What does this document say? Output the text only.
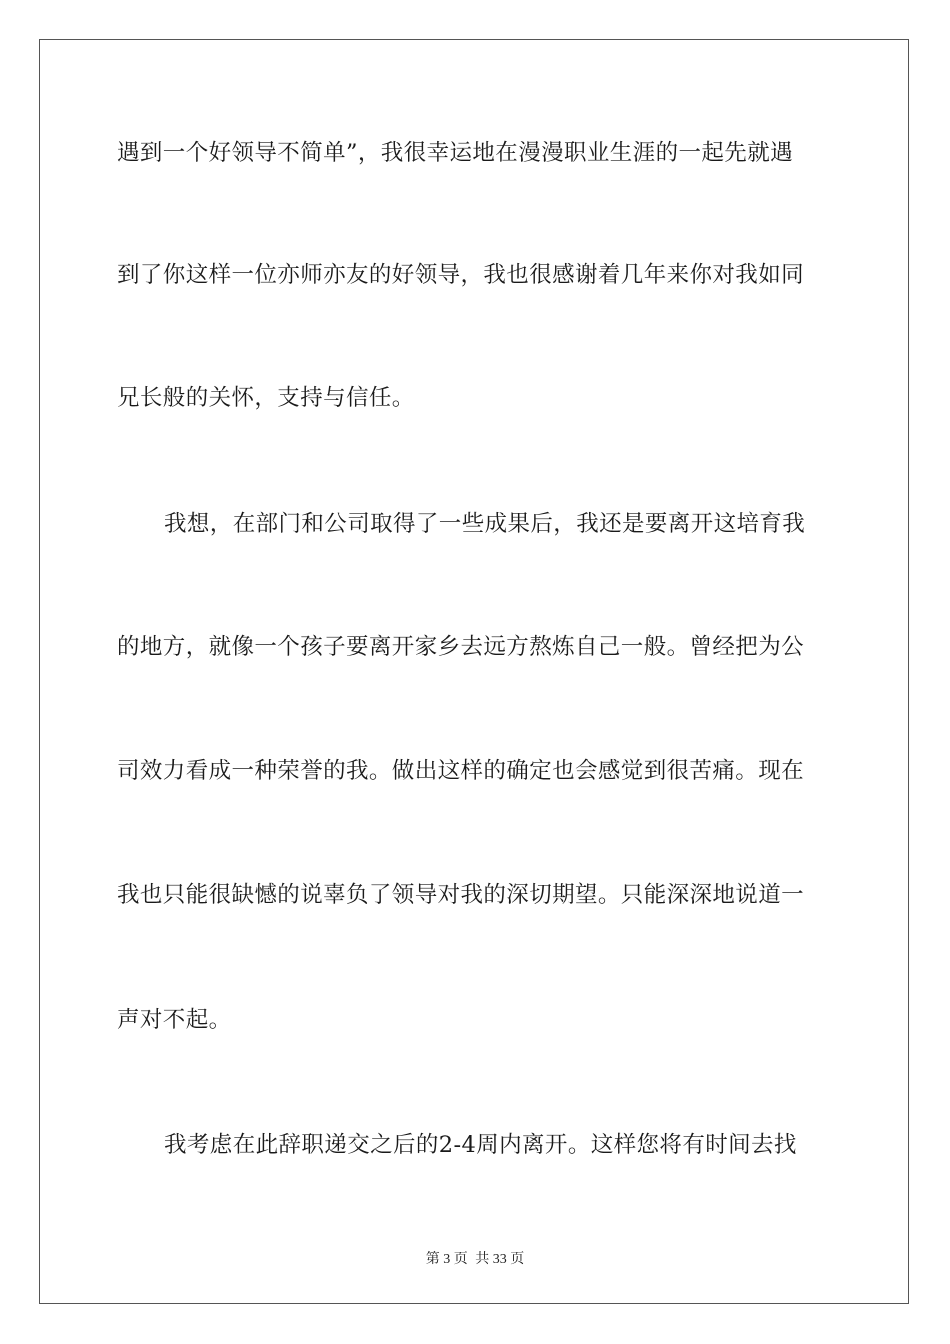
遇到一个好领导不简单”，我很幸运地在漫漫职业生涯的一起先就遇
到了你这样一位亦师亦友的好领导，我也很感谢着几年来你对我如同
兄长般的关怀，支持与信任。
我想，在部门和公司取得了一些成果后，我还是要离开这培育我
的地方，就像一个孩子要离开家乡去远方熬炼自己一般。曾经把为公
司效力看成一种荣誉的我。做出这样的确定也会感觉到很苦痛。现在
我也只能很缺憾的说辜负了领导对我的深切期望。只能深深地说道一
声对不起。
我考虑在此辞职递交之后的2-4周内离开。这样您将有时间去找
第 3 页 共 33 页
